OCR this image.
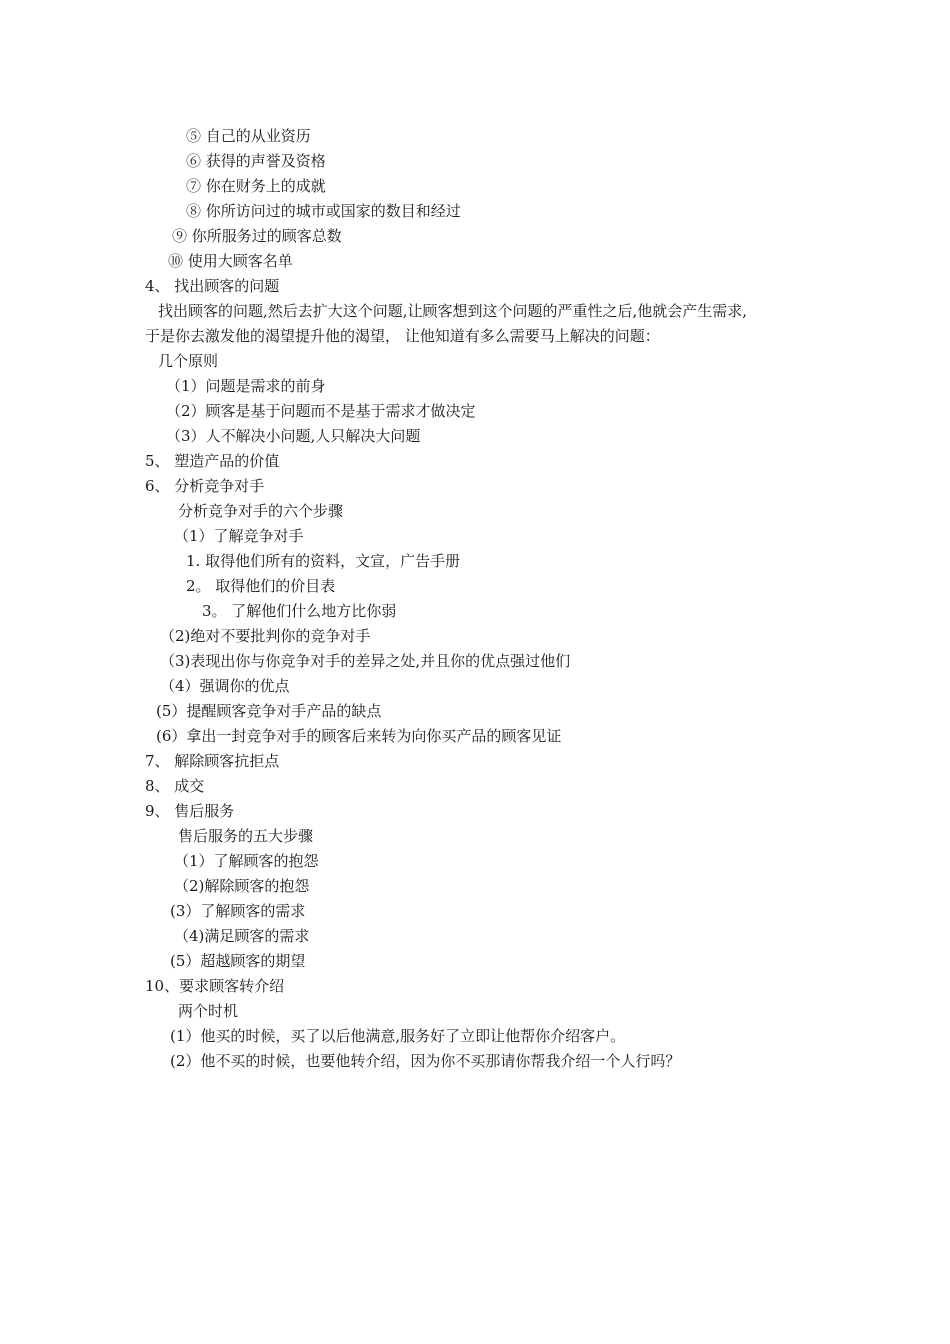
⑤ 自己的从业资历
⑥ 获得的声誉及资格
⑦ 你在财务上的成就
⑧ 你所访问过的城市或国家的数目和经过
⑨ 你所服务过的顾客总数
⑩ 使用大顾客名单
4、 找出顾客的问题
找出顾客的问题,然后去扩大这个问题,让顾客想到这个问题的严重性之后,他就会产生需求,
于是你去激发他的渴望提升他的渴望， 让他知道有多么需要马上解决的问题：
几个原则
（1）问题是需求的前身
（2）顾客是基于问题而不是基于需求才做决定
（3）人不解决小问题,人只解决大问题
5、 塑造产品的价值
6、 分析竞争对手
分析竞争对手的六个步骤
（1）了解竞争对手
1. 取得他们所有的资料，文宣，广告手册
2。 取得他们的价目表
3。 了解他们什么地方比你弱
（2)绝对不要批判你的竞争对手
（3)表现出你与你竞争对手的差异之处,并且你的优点强过他们
（4）强调你的优点
(5）提醒顾客竞争对手产品的缺点
(6）拿出一封竞争对手的顾客后来转为向你买产品的顾客见证
7、 解除顾客抗拒点
8、 成交
9、 售后服务
售后服务的五大步骤
（1）了解顾客的抱怨
（2)解除顾客的抱怨
(3）了解顾客的需求
（4)满足顾客的需求
(5）超越顾客的期望
10、要求顾客转介绍
两个时机
(1）他买的时候，买了以后他满意,服务好了立即让他帮你介绍客户。
(2）他不买的时候，也要他转介绍，因为你不买那请你帮我介绍一个人行吗？
